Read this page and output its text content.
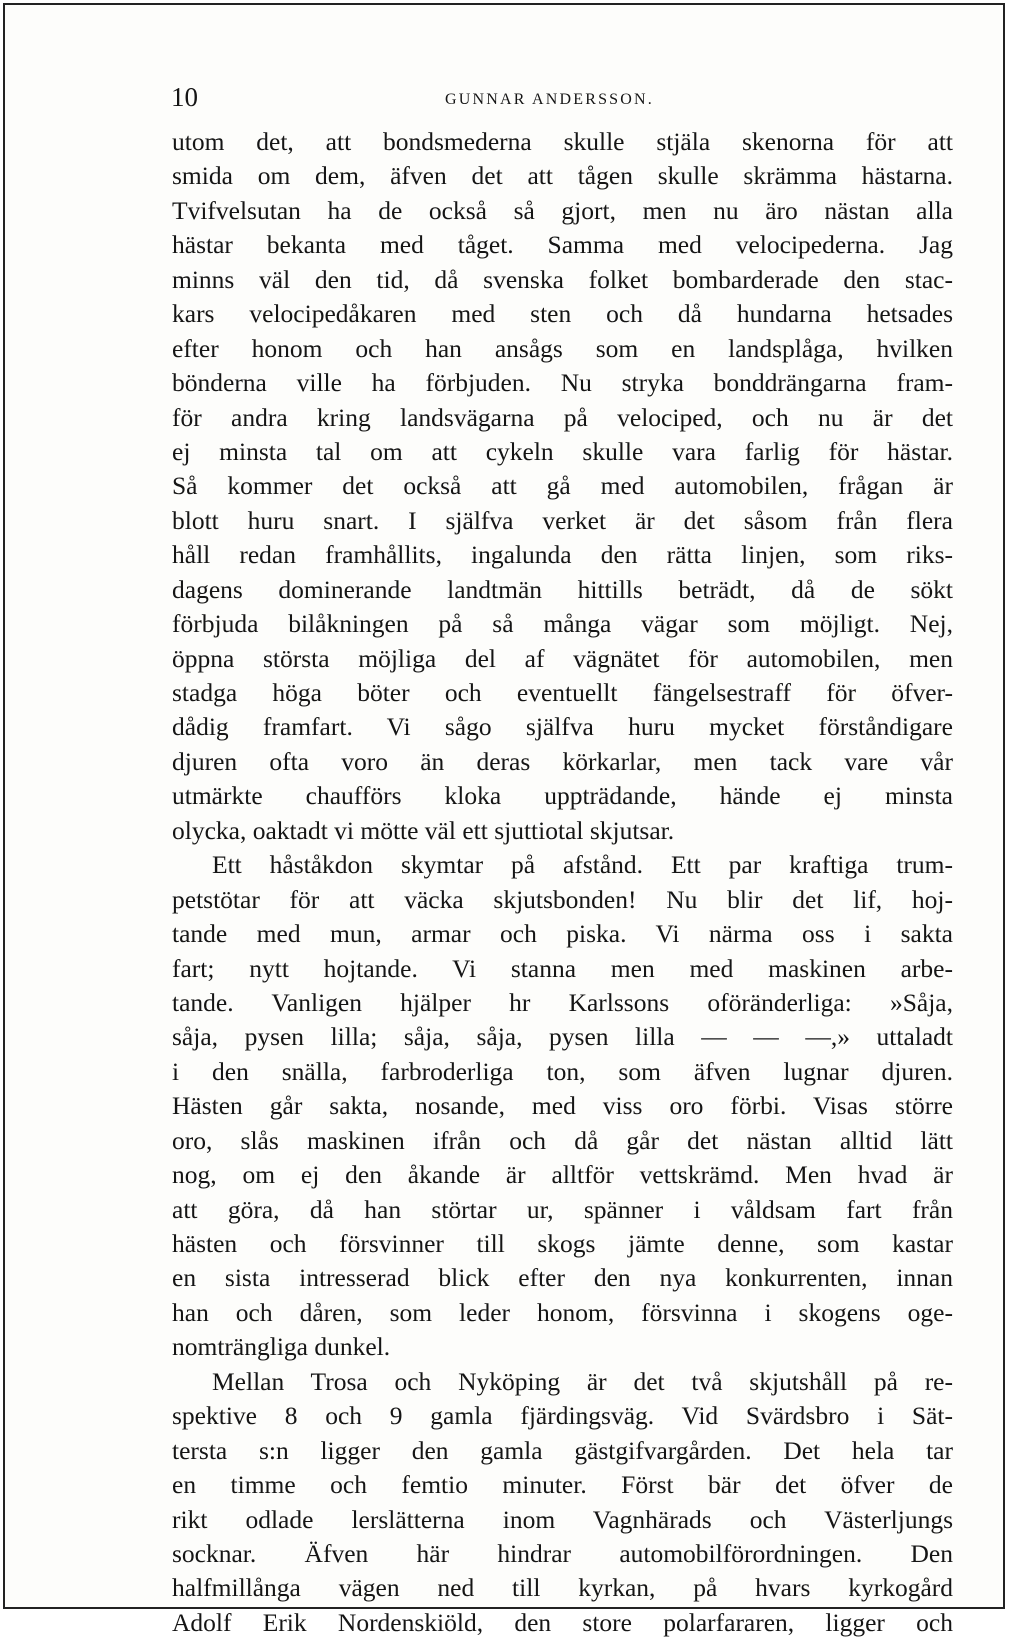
10	GUNNAR ANDERSSON.
utom det, att bondsmederna skulle stjäla skenorna för att
smida om dem, äfven det att tågen skulle skrämma hästarna.
Tvifvelsutan ha de också så gjort, men nu äro nästan alla
hästar bekanta med tåget. Samma med velocipederna. Jag
minns väl den tid, då svenska folket bombarderade den stac-
kars velocipedåkaren med sten och då hundarna hetsades
efter honom och han ansågs som en landsplåga, hvilken
bönderna ville ha förbjuden. Nu stryka bonddrängarna fram-
för andra kring landsvägarna på velociped, och nu är det
ej minsta tal om att cykeln skulle vara farlig för hästar.
Så kommer det också att gå med automobilen, frågan är
blott huru snart. I själfva verket är det såsom från flera
håll redan framhållits, ingalunda den rätta linjen, som riks-
dagens dominerande landtmän hittills beträdt, då de sökt
förbjuda bilåkningen på så många vägar som möjligt. Nej,
öppna största möjliga del af vägnätet för automobilen, men
stadga höga böter och eventuellt fängelsestraff för öfver-
dådig framfart. Vi sågo själfva huru mycket förståndigare
djuren ofta voro än deras körkarlar, men tack vare vår
utmärkte chaufförs kloka uppträdande, hände ej minsta
olycka, oaktadt vi mötte väl ett sjuttiotal skjutsar.
Ett håståkdon skymtar på afstånd. Ett par kraftiga trum-
petstötar för att väcka skjutsbonden! Nu blir det lif, hoj-
tande med mun, armar och piska. Vi närma oss i sakta
fart; nytt hojtande. Vi stanna men med maskinen arbe-
tande. Vanligen hjälper hr Karlssons oföränderliga: »Såja,
såja, pysen lilla; såja, såja, pysen lilla — — —,» uttaladt
i den snälla, farbroderliga ton, som äfven lugnar djuren.
Hästen går sakta, nosande, med viss oro förbi. Visas större
oro, slås maskinen ifrån och då går det nästan alltid lätt
nog, om ej den åkande är alltför vettskrämd. Men hvad är
att göra, då han störtar ur, spänner i våldsam fart från
hästen och försvinner till skogs jämte denne, som kastar
en sista intresserad blick efter den nya konkurrenten, innan
han och dåren, som leder honom, försvinna i skogens oge-
nomträngliga dunkel.
Mellan Trosa och Nyköping är det två skjutshåll på re-
spektive 8 och 9 gamla fjärdingsväg. Vid Svärdsbro i Sät-
tersta s:n ligger den gamla gästgifvargården. Det hela tar
en timme och femtio minuter. Först bär det öfver de
rikt odlade lerslätterna inom Vagnhärads och Västerljungs
socknar. Äfven här hindrar automobilförordningen. Den
halfmillånga vägen ned till kyrkan, på hvars kyrkogård
Adolf Erik Nordenskiöld, den store polarfararen, ligger och
